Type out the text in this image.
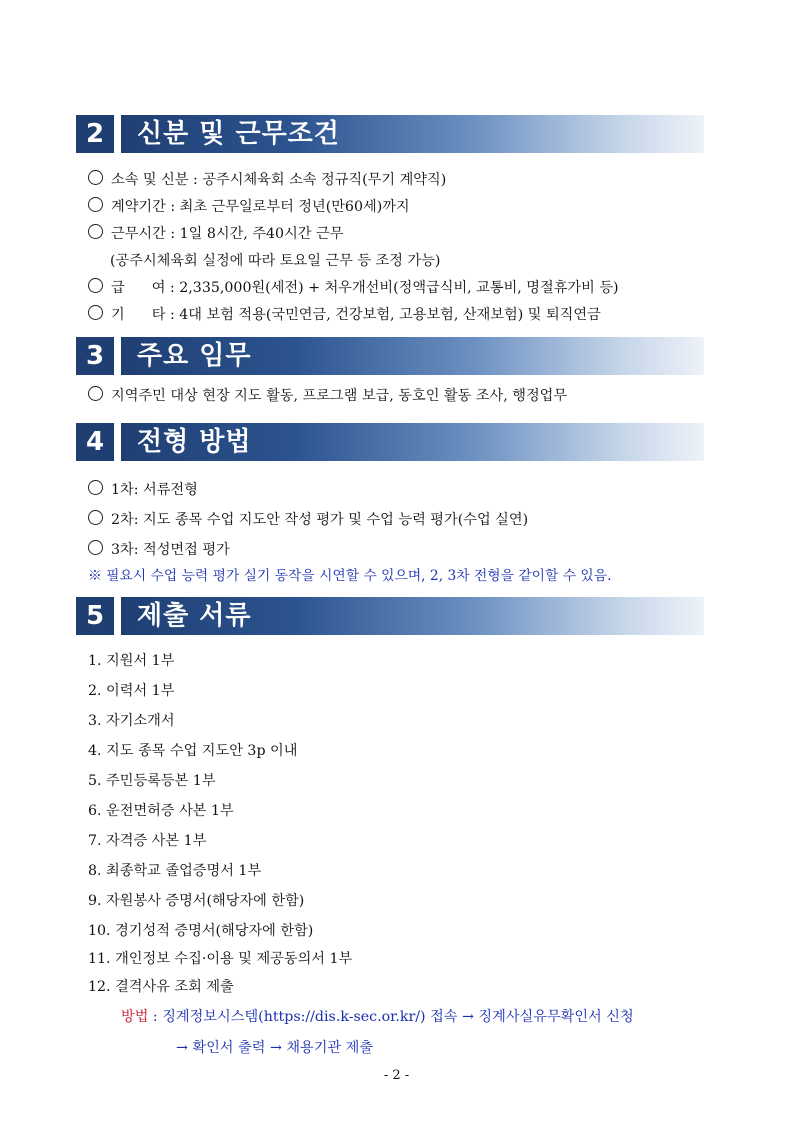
2	신분 및 근무조건
소속 및 신분 : 공주시체육회 소속 정규직(무기 계약직)
계약기간 : 최초 근무일로부터 정년(만60세)까지
근무시간 : 1일 8시간, 주40시간 근무
(공주시체육회 실정에 따라 토요일 근무 등 조정 가능)
급      여 : 2,335,000원(세전) + 처우개선비(정액급식비, 교통비, 명절휴가비 등)
기      타 : 4대 보험 적용(국민연금, 건강보험, 고용보험, 산재보험) 및 퇴직연금
3	주요 임무
지역주민 대상 현장 지도 활동, 프로그램 보급, 동호인 활동 조사, 행정업무
4	전형 방법
1차: 서류전형
2차: 지도 종목 수업 지도안 작성 평가 및 수업 능력 평가(수업 실연)
3차: 적성면접 평가
※ 필요시 수업 능력 평가 실기 동작을 시연할 수 있으며, 2, 3차 전형을 같이할 수 있음.
5	제출 서류
1. 지원서 1부
2. 이력서 1부
3. 자기소개서
4. 지도 종목 수업 지도안 3p 이내
5. 주민등록등본 1부
6. 운전면허증 사본 1부
7. 자격증 사본 1부
8. 최종학교 졸업증명서 1부
9. 자원봉사 증명서(해당자에 한함)
10. 경기성적 증명서(해당자에 한함)
11. 개인정보 수집·이용 및 제공동의서 1부
12. 결격사유 조회 제출
방법 : 징계정보시스템(https://dis.k-sec.or.kr/) 접속 → 징계사실유무확인서 신청
→ 확인서 출력 → 채용기관 제출
- 2 -
